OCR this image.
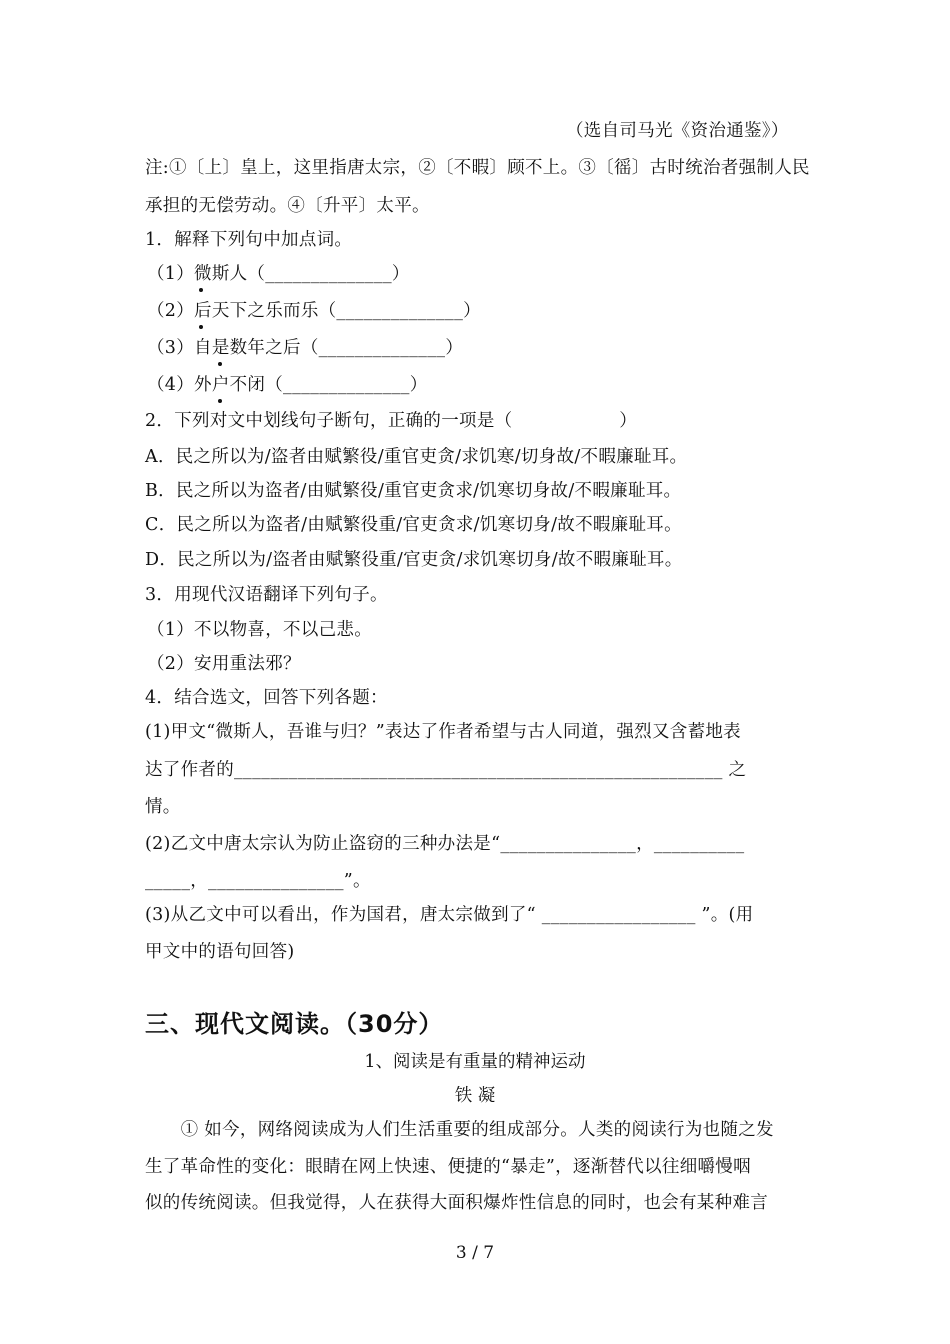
（选自司马光《资治通鉴》）
注:①〔上〕皇上，这里指唐太宗，②〔不暇〕顾不上。③〔徭〕古时统治者强制人民
承担的无偿劳动。④〔升平〕太平。
1．解释下列句中加点词。
（1）微斯人（______________）
（2）后天下之乐而乐（______________）
（3）自是数年之后（______________）
（4）外户不闭（______________）
2．下列对文中划线句子断句，正确的一项是（　　　　　　）
A．民之所以为/盗者由赋繁役/重官吏贪/求饥寒/切身故/不暇廉耻耳。
B．民之所以为盗者/由赋繁役/重官吏贪求/饥寒切身故/不暇廉耻耳。
C．民之所以为盗者/由赋繁役重/官吏贪求/饥寒切身/故不暇廉耻耳。
D．民之所以为/盗者由赋繁役重/官吏贪/求饥寒切身/故不暇廉耻耳。
3．用现代汉语翻译下列句子。
（1）不以物喜，不以己悲。
（2）安用重法邪？
4．结合选文，回答下列各题：
(1)甲文“微斯人，吾谁与归？”表达了作者希望与古人同道，强烈又含蓄地表
达了作者的______________________________________________________ 之
情。
(2)乙文中唐太宗认为防止盗窃的三种办法是“_______________，__________
_____，_______________”。
(3)从乙文中可以看出，作为国君，唐太宗做到了“ _________________ ”。(用
甲文中的语句回答)
三、现代文阅读。（30分）
1、阅读是有重量的精神运动
铁 凝
　　① 如今，网络阅读成为人们生活重要的组成部分。人类的阅读行为也随之发
生了革命性的变化：眼睛在网上快速、便捷的“暴走”，逐渐替代以往细嚼慢咽
似的传统阅读。但我觉得，人在获得大面积爆炸性信息的同时，也会有某种难言
3 / 7
